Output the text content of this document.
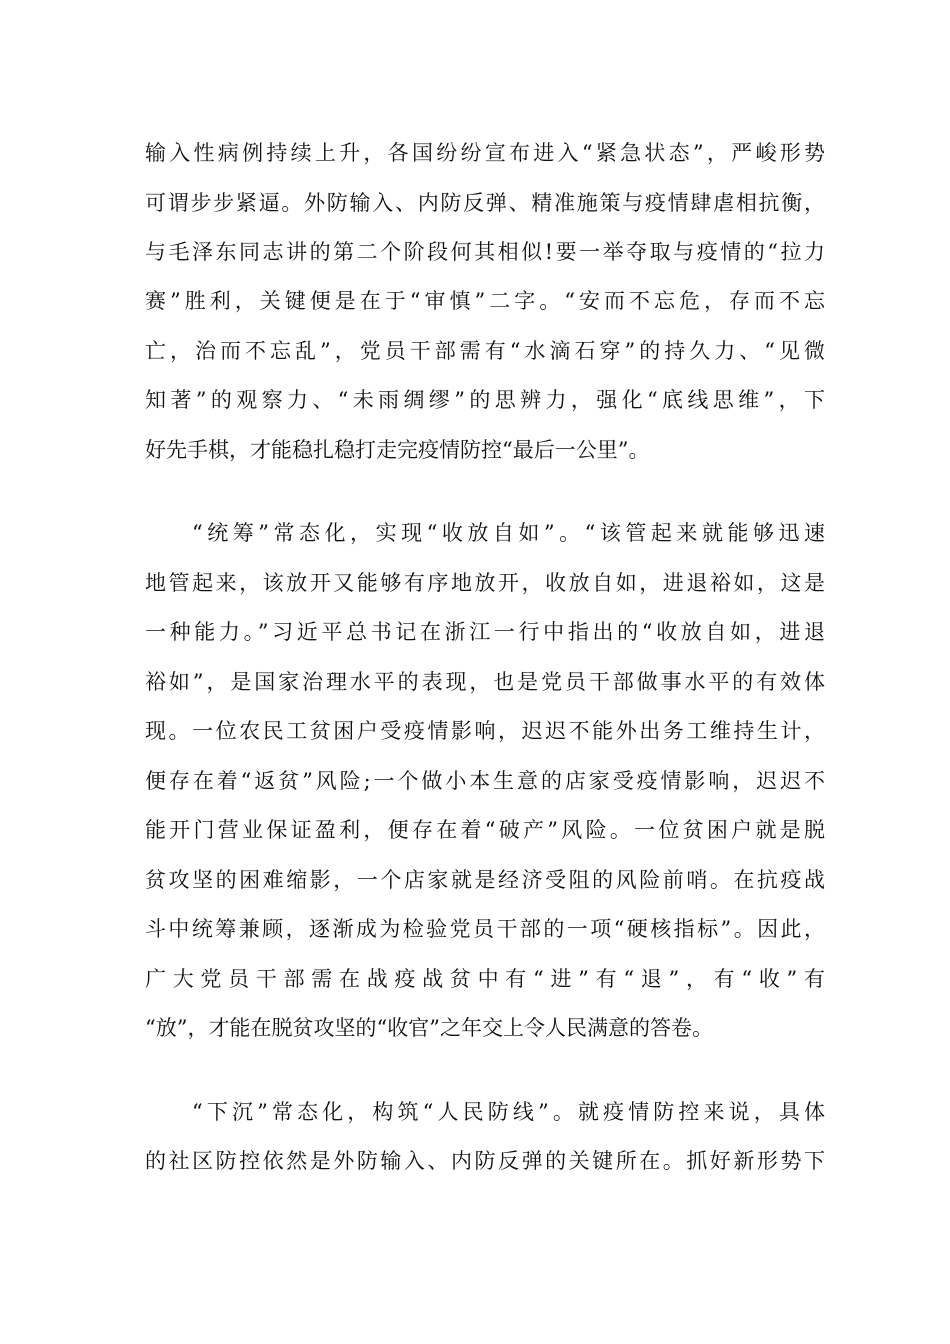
输入性病例持续上升，各国纷纷宣布进入“紧急状态”，严峻形势
可谓步步紧逼。外防输入、内防反弹、精准施策与疫情肆虐相抗衡，
与毛泽东同志讲的第二个阶段何其相似!要一举夺取与疫情的“拉力
赛”胜利，关键便是在于“审慎”二字。“安而不忘危，存而不忘
亡，治而不忘乱”，党员干部需有“水滴石穿”的持久力、“见微
知著”的观察力、“未雨绸缪”的思辨力，强化“底线思维”，下
好先手棋，才能稳扎稳打走完疫情防控“最后一公里”。
“统筹”常态化，实现“收放自如”。“该管起来就能够迅速
地管起来，该放开又能够有序地放开，收放自如，进退裕如，这是
一种能力。”习近平总书记在浙江一行中指出的“收放自如，进退
裕如”，是国家治理水平的表现，也是党员干部做事水平的有效体
现。一位农民工贫困户受疫情影响，迟迟不能外出务工维持生计，
便存在着“返贫”风险;一个做小本生意的店家受疫情影响，迟迟不
能开门营业保证盈利，便存在着“破产”风险。一位贫困户就是脱
贫攻坚的困难缩影，一个店家就是经济受阻的风险前哨。在抗疫战
斗中统筹兼顾，逐渐成为检验党员干部的一项“硬核指标”。因此，
广大党员干部需在战疫战贫中有“进”有“退”，有“收”有
“放”，才能在脱贫攻坚的“收官”之年交上令人民满意的答卷。
“下沉”常态化，构筑“人民防线”。就疫情防控来说，具体
的社区防控依然是外防输入、内防反弹的关键所在。抓好新形势下
